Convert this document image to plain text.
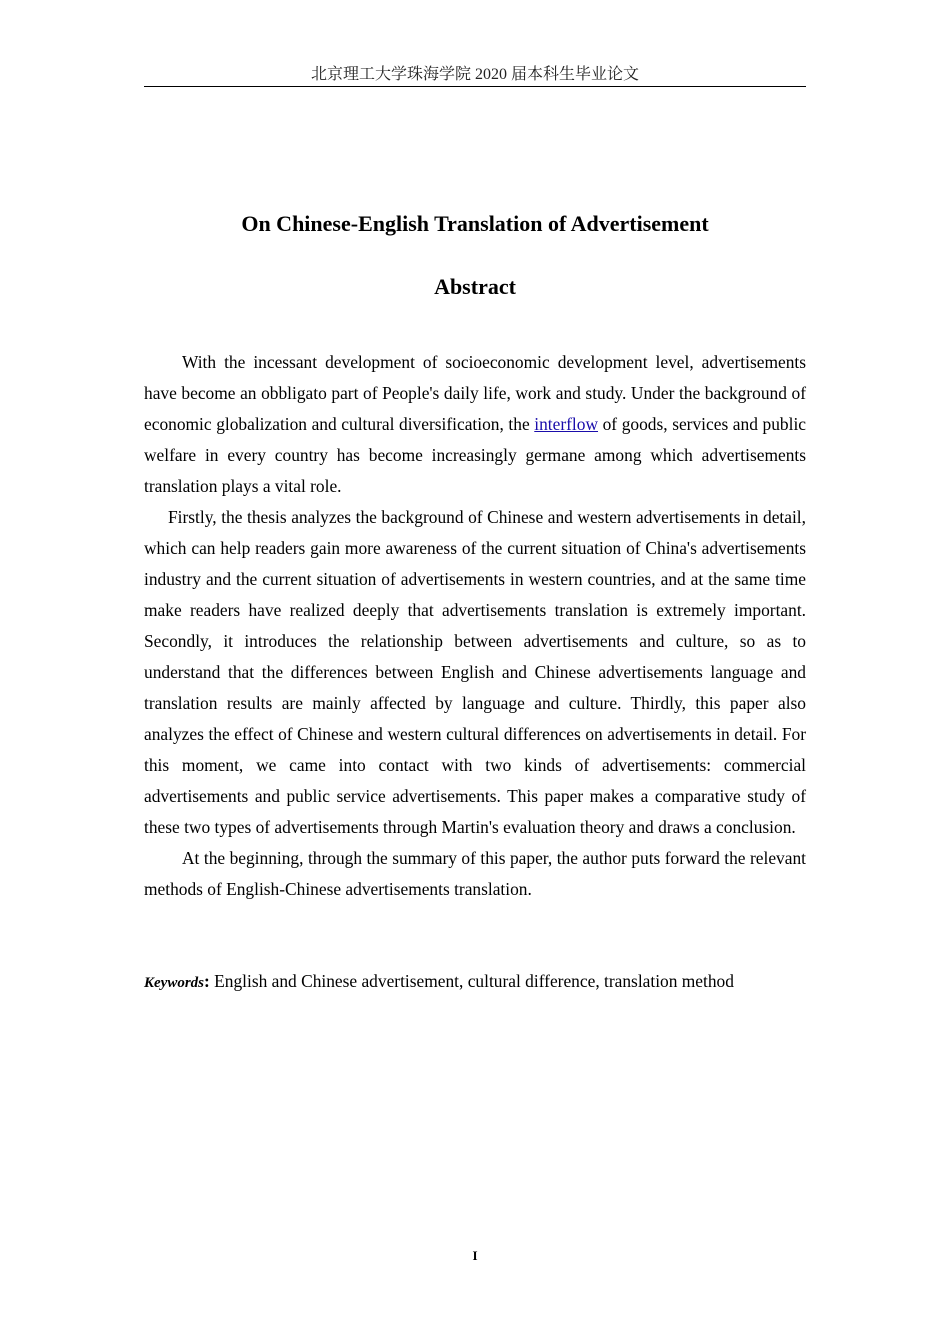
北京理工大学珠海学院 2020 届本科生毕业论文
On Chinese-English Translation of Advertisement
Abstract

With the incessant development of socioeconomic development level, advertisements have become an obbligato part of People's daily life, work and study. Under the background of economic globalization and cultural diversification, the interflow of goods, services and public welfare in every country has become increasingly germane among which advertisements translation plays a vital role.

Firstly, the thesis analyzes the background of Chinese and western advertisements in detail, which can help readers gain more awareness of the current situation of China's advertisements industry and the current situation of advertisements in western countries, and at the same time make readers have realized deeply that advertisements translation is extremely important. Secondly, it introduces the relationship between advertisements and culture, so as to understand that the differences between English and Chinese advertisements language and translation results are mainly affected by language and culture. Thirdly, this paper also analyzes the effect of Chinese and western cultural differences on advertisements in detail. For this moment, we came into contact with two kinds of advertisements: commercial advertisements and public service advertisements. This paper makes a comparative study of these two types of advertisements through Martin's evaluation theory and draws a conclusion.

At the beginning, through the summary of this paper, the author puts forward the relevant methods of English-Chinese advertisements translation.

Keywords: English and Chinese advertisement, cultural difference, translation method
I
